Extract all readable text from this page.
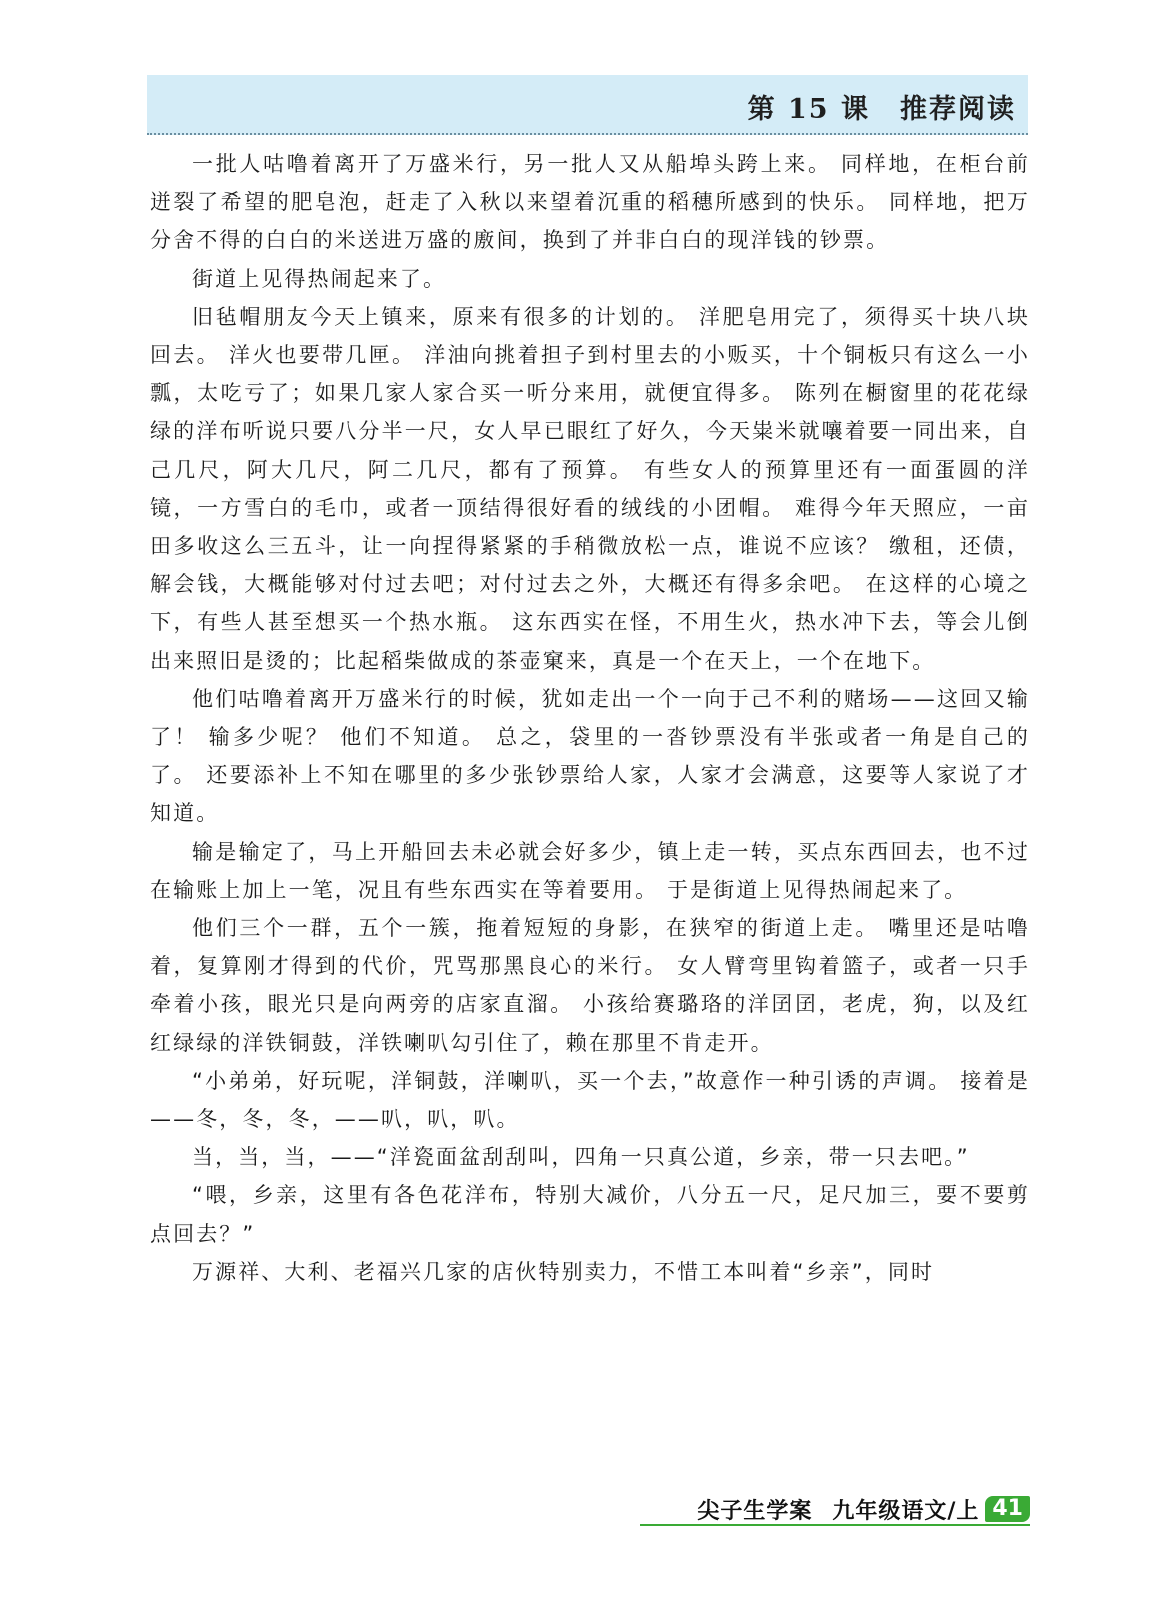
第 15 课 推荐阅读

一批人咕噜着离开了万盛米行，另一批人又从船埠头跨上来。 同样地，在柜台前迸裂了希望的肥皂泡，赶走了入秋以来望着沉重的稻穗所感到的快乐。 同样地，把万分舍不得的白白的米送进万盛的廒间，换到了并非白白的现洋钱的钞票。

街道上见得热闹起来了。

旧毡帽朋友今天上镇来，原来有很多的计划的。 洋肥皂用完了，须得买十块八块回去。 洋火也要带几匣。 洋油向挑着担子到村里去的小贩买，十个铜板只有这么一小瓢，太吃亏了；如果几家人家合买一听分来用，就便宜得多。 陈列在橱窗里的花花绿绿的洋布听说只要八分半一尺，女人早已眼红了好久，今天粜米就嚷着要一同出来，自己几尺，阿大几尺，阿二几尺，都有了预算。 有些女人的预算里还有一面蛋圆的洋镜，一方雪白的毛巾，或者一顶结得很好看的绒线的小团帽。 难得今年天照应，一亩田多收这么三五斗，让一向捏得紧紧的手稍微放松一点，谁说不应该？ 缴租，还债，解会钱，大概能够对付过去吧；对付过去之外，大概还有得多余吧。 在这样的心境之下，有些人甚至想买一个热水瓶。 这东西实在怪，不用生火，热水冲下去，等会儿倒出来照旧是烫的；比起稻柴做成的茶壶窠来，真是一个在天上，一个在地下。

他们咕噜着离开万盛米行的时候，犹如走出一个一向于己不利的赌场——这回又输了！ 输多少呢？ 他们不知道。 总之，袋里的一沓钞票没有半张或者一角是自己的了。 还要添补上不知在哪里的多少张钞票给人家，人家才会满意，这要等人家说了才知道。

输是输定了，马上开船回去未必就会好多少，镇上走一转，买点东西回去，也不过在输账上加上一笔，况且有些东西实在等着要用。 于是街道上见得热闹起来了。

他们三个一群，五个一簇，拖着短短的身影，在狭窄的街道上走。 嘴里还是咕噜着，复算刚才得到的代价，咒骂那黑良心的米行。 女人臂弯里钩着篮子，或者一只手牵着小孩，眼光只是向两旁的店家直溜。 小孩给赛璐珞的洋囝囝，老虎，狗，以及红红绿绿的洋铁铜鼓，洋铁喇叭勾引住了，赖在那里不肯走开。

“小弟弟，好玩呢，洋铜鼓，洋喇叭，买一个去，”故意作一种引诱的声调。 接着是——冬，冬，冬，——叭，叭，叭。

当，当，当，——“洋瓷面盆刮刮叫，四角一只真公道，乡亲，带一只去吧。”

“喂，乡亲，这里有各色花洋布，特别大减价，八分五一尺，足尺加三，要不要剪点回去？”

万源祥、大利、老福兴几家的店伙特别卖力，不惜工本叫着“乡亲”，同时

尖子生学案 九年级语文/上 41
